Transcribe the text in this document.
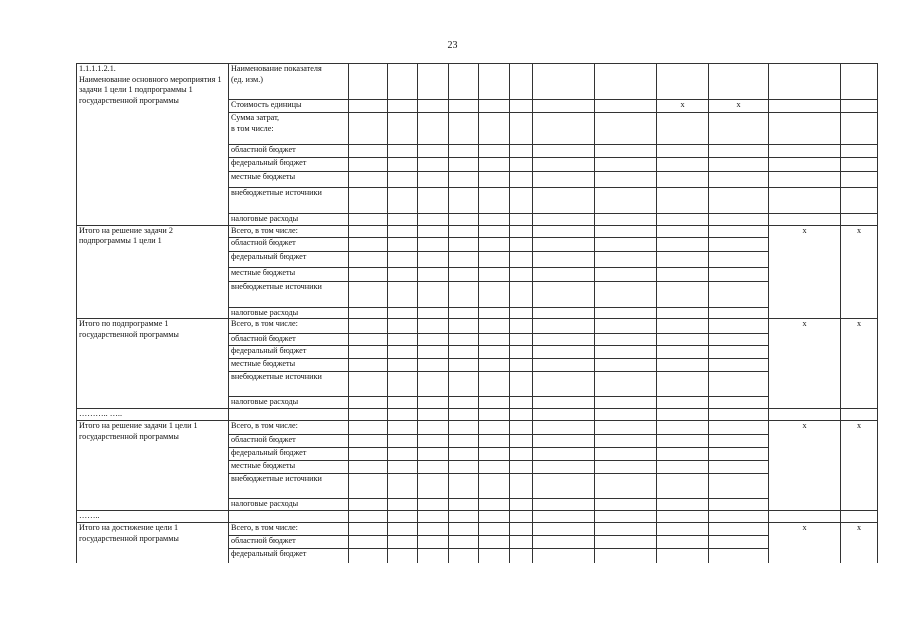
23
1.1.1.1.2.1.
Наименование основного мероприятия 1 задачи 1 цели 1 подпрограммы 1 государственной программы	Наименование показателя
(ед. изм.)												
	Стоимость единицы									x	x		
	Сумма затрат,
в том числе:												
	областной бюджет												
	федеральный бюджет												
	местные бюджеты												
	внебюджетные источники												
	налоговые расходы												
Итого на решение задачи 2 подпрограммы 1 цели 1	Всего, в том числе:											x	x
	областной бюджет												
	федеральный бюджет												
	местные бюджеты												
	внебюджетные источники												
	налоговые расходы												
Итого по подпрограмме 1 государственной программы	Всего, в том числе:											x	x
	областной бюджет												
	федеральный бюджет												
	местные бюджеты												
	внебюджетные источники												
	налоговые расходы												
……….. …..													
Итого на решение задачи 1 цели 1 государственной программы	Всего, в том числе:											x	x
	областной бюджет												
	федеральный бюджет												
	местные бюджеты												
	внебюджетные источники												
	налоговые расходы												
……..													
Итого на достижение цели 1 государственной программы	Всего, в том числе:											x	x
	областной бюджет												
	федеральный бюджет												
